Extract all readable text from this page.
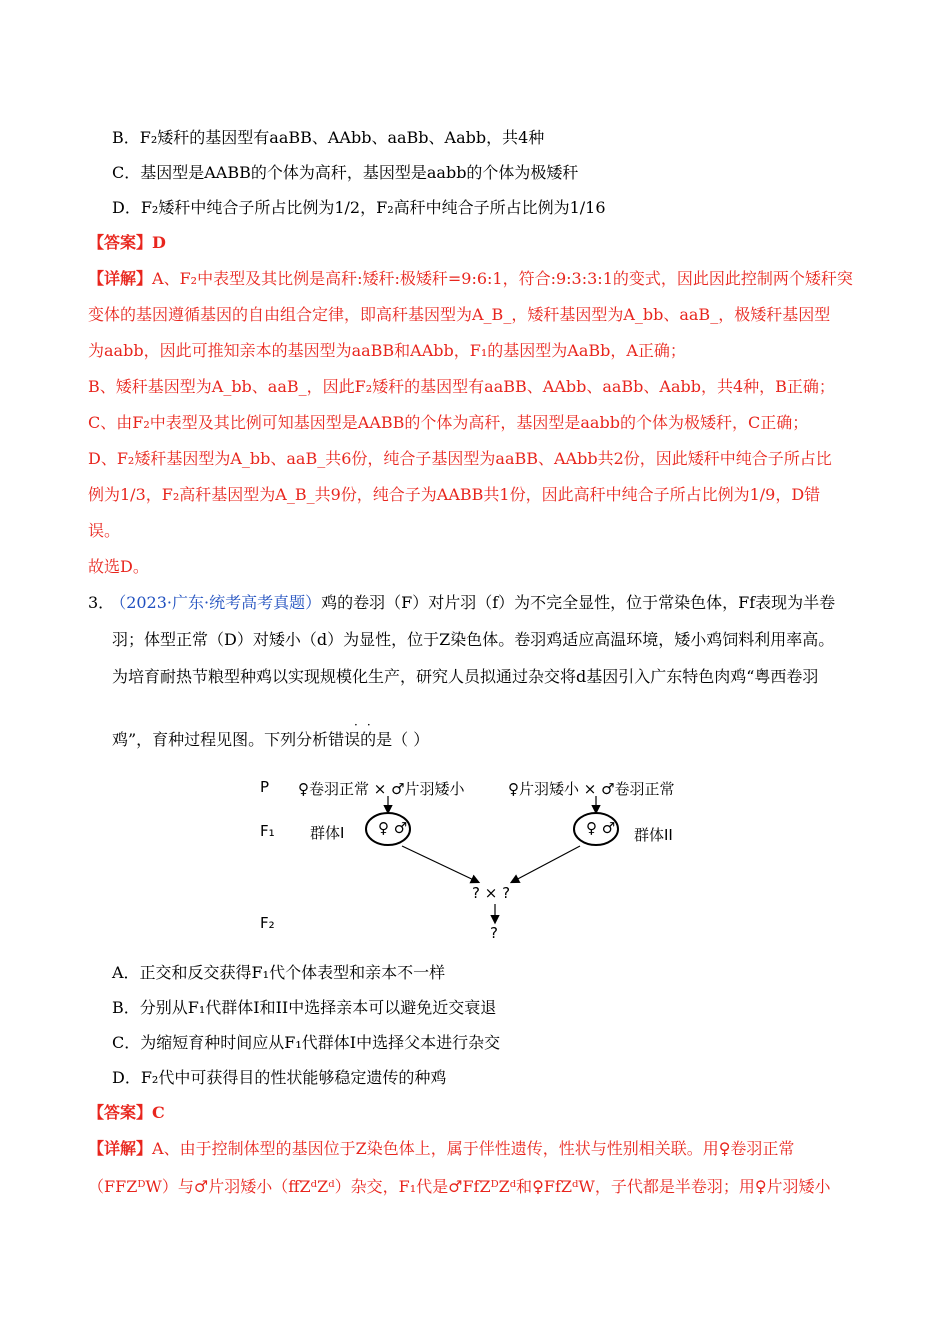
B．F₂矮秆的基因型有aaBB、AAbb、aaBb、Aabb，共4种
C．基因型是AABB的个体为高秆，基因型是aabb的个体为极矮秆
D．F₂矮秆中纯合子所占比例为1/2，F₂高秆中纯合子所占比例为1/16
【答案】D
【详解】A、F₂中表型及其比例是高秆:矮秆:极矮秆=9:6:1，符合:9:3:3:1的变式，因此因此控制两个矮秆突
变体的基因遵循基因的自由组合定律，即高秆基因型为A_B_，矮秆基因型为A_bb、aaB_，极矮秆基因型
为aabb，因此可推知亲本的基因型为aaBB和AAbb，F₁的基因型为AaBb，A正确；
B、矮秆基因型为A_bb、aaB_，因此F₂矮秆的基因型有aaBB、AAbb、aaBb、Aabb，共4种，B正确；
C、由F₂中表型及其比例可知基因型是AABB的个体为高秆，基因型是aabb的个体为极矮秆，C正确；
D、F₂矮秆基因型为A_bb、aaB_共6份，纯合子基因型为aaBB、AAbb共2份，因此矮秆中纯合子所占比
例为1/3，F₂高秆基因型为A_B_共9份，纯合子为AABB共1份，因此高秆中纯合子所占比例为1/9，D错
误。
故选D。
3． （2023·广东·统考高考真题）鸡的卷羽（F）对片羽（f）为不完全显性，位于常染色体，Ff表现为半卷
羽；体型正常（D）对矮小（d）为显性，位于Z染色体。卷羽鸡适应高温环境，矮小鸡饲料利用率高。
为培育耐热节粮型种鸡以实现规模化生产，研究人员拟通过杂交将d基因引入广东特色肉鸡“粤西卷羽
鸡”，育种过程见图。下列分析错误的是（ ）
··
P
F₁
F₂
♀卷羽正常 × ♂片羽矮小	♀片羽矮小 × ♂卷羽正常
群体I	群体II
♀ ♂	♀ ♂
? × ?
?
A．正交和反交获得F₁代个体表型和亲本不一样
B．分别从F₁代群体I和II中选择亲本可以避免近交衰退
C．为缩短育种时间应从F₁代群体I中选择父本进行杂交
D．F₂代中可获得目的性状能够稳定遗传的种鸡
【答案】C
【详解】A、由于控制体型的基因位于Z染色体上，属于伴性遗传，性状与性别相关联。用♀卷羽正常
（FFZᴰW）与♂片羽矮小（ffZᵈZᵈ）杂交，F₁代是♂FfZᴰZᵈ和♀FfZᵈW，子代都是半卷羽；用♀片羽矮小
